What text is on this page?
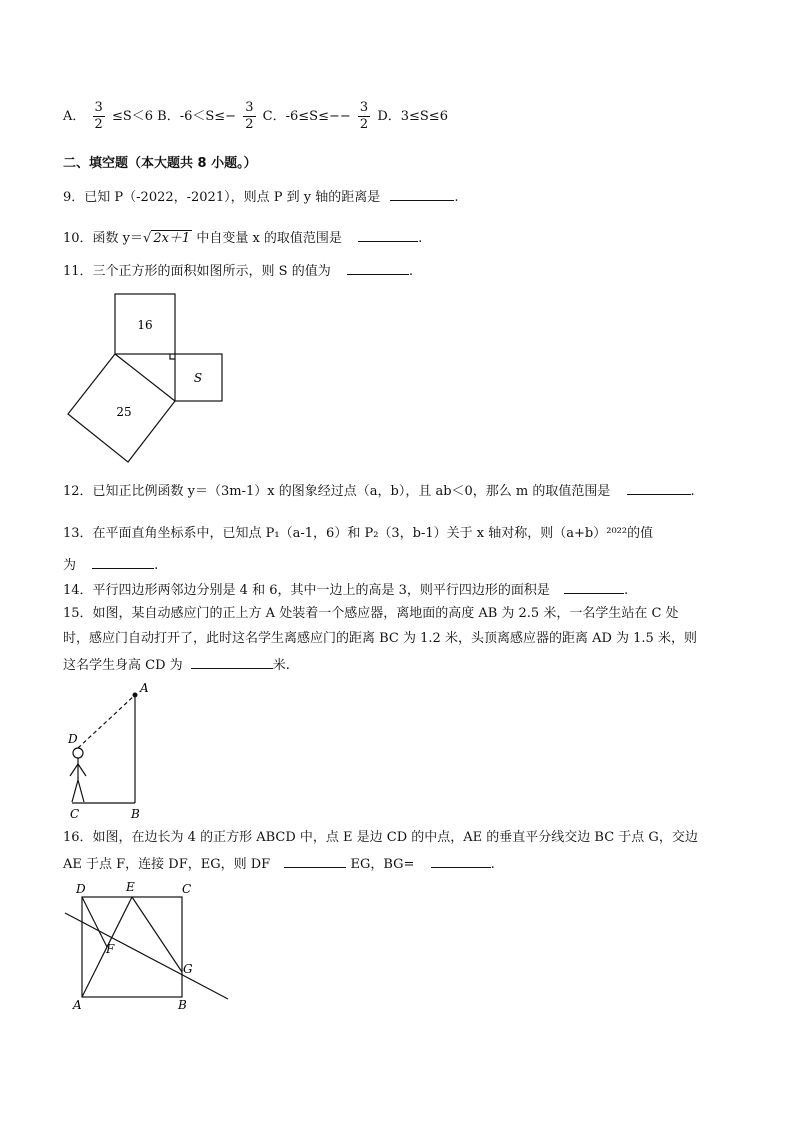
A． $\frac{3}{2} \le S<6$ B．$-6<S\le- \frac{3}{2}$ C．$-6\le S\le-- \frac{3}{2}$ D．3≤S≤6
二、填空题（本大题共 8 小题。）
9．已知 P（-2022，-2021），则点 P 到 y 轴的距离是	.
10．函数 y＝√ 2x＋1 中自变量 x 的取值范围是	.
11．三个正方形的面积如图所示，则 S 的值为	.
16
S
25
12．已知正比例函数 y＝（3m-1）x 的图象经过点（a，b），且 ab＜0，那么 m 的取值范围是	.
13．在平面直角坐标系中，已知点 P₁（a-1，6）和 P₂（3，b-1）关于 x 轴对称，则（a+b）²⁰²²的值
为	.
14．平行四边形两邻边分别是 4 和 6，其中一边上的高是 3，则平行四边形的面积是	.
15．如图，某自动感应门的正上方 A 处装着一个感应器，离地面的高度 AB 为 2.5 米，一名学生站在 C 处
时，感应门自动打开了，此时这名学生离感应门的距离 BC 为 1.2 米，头顶离感应器的距离 AD 为 1.5 米，则
这名学生身高 CD 为	米.
A
D
C	B
16．如图，在边长为 4 的正方形 ABCD 中，点 E 是边 CD 的中点，AE 的垂直平分线交边 BC 于点 G，交边
AE 于点 F，连接 DF，EG，则 DF	EG，BG=	.
D	E	C
F
G
A	B
